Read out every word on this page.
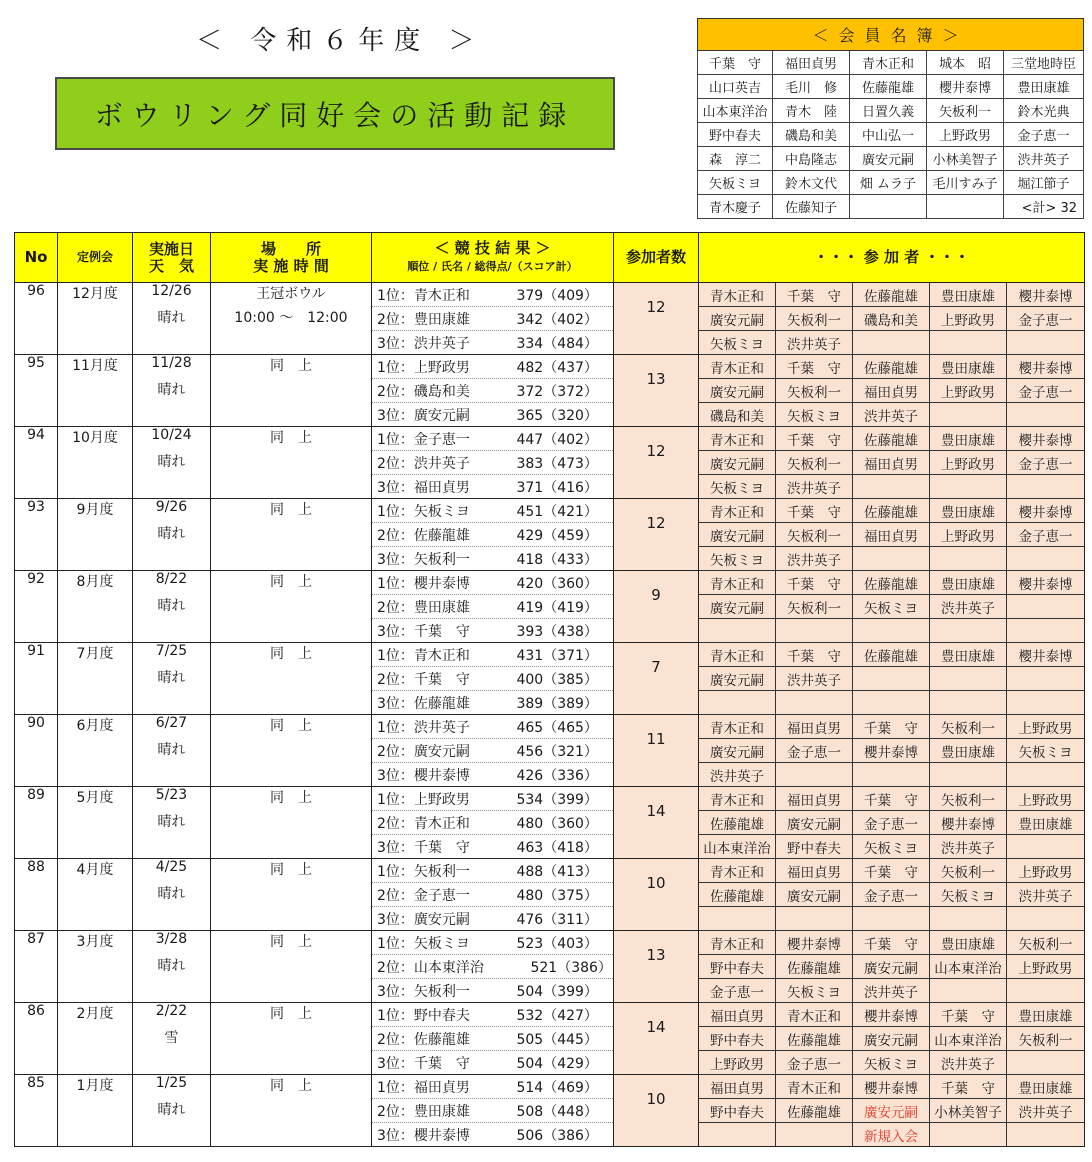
＜ 令和６年度 ＞
ボウリング同好会の活動記録
＜会員名簿＞				
千葉　守	福田貞男	青木正和	城本　昭	三堂地時臣
山口英吉	毛川　修	佐藤龍雄	櫻井泰博	豊田康雄
山本東洋治	青木　陸	日置久義	矢板利一	鈴木光典
野中春夫	磯島和美	中山弘一	上野政男	金子恵一
森　淳二	中島隆志	廣安元嗣	小林美智子	渋井英子
矢板ミヨ	鈴木文代	畑 ムラ子	毛川すみ子	堀江節子
青木慶子	佐藤知子			<計> 32
No	定例会	実施日
天　気	場　　所
実 施 時 間	＜ 競 技 結 果 ＞
順位 / 氏名 / 総得点/（スコア計）	参加者数	・・・ 参 加 者 ・・・				
96	12月度	12/26	王冠ボウル	1位：青木正和 379（409）	12	青木正和	千葉　守	佐藤龍雄	豊田康雄	櫻井泰博
		晴れ	10:00 ～　12:00	2位：豊田康雄 342（402）		廣安元嗣	矢板利一	磯島和美	上野政男	金子恵一
				3位：渋井英子 334（484）		矢板ミヨ	渋井英子			
95	11月度	11/28	同　上	1位：上野政男 482（437）	13	青木正和	千葉　守	佐藤龍雄	豊田康雄	櫻井泰博
		晴れ		2位：磯島和美 372（372）		廣安元嗣	矢板利一	福田貞男	上野政男	金子恵一
				3位：廣安元嗣 365（320）		磯島和美	矢板ミヨ	渋井英子		
94	10月度	10/24	同　上	1位：金子恵一 447（402）	12	青木正和	千葉　守	佐藤龍雄	豊田康雄	櫻井泰博
		晴れ		2位：渋井英子 383（473）		廣安元嗣	矢板利一	福田貞男	上野政男	金子恵一
				3位：福田貞男 371（416）		矢板ミヨ	渋井英子			
93	9月度	9/26	同　上	1位：矢板ミヨ 451（421）	12	青木正和	千葉　守	佐藤龍雄	豊田康雄	櫻井泰博
		晴れ		2位：佐藤龍雄 429（459）		廣安元嗣	矢板利一	福田貞男	上野政男	金子恵一
				3位：矢板利一 418（433）		矢板ミヨ	渋井英子			
92	8月度	8/22	同　上	1位：櫻井泰博 420（360）	9	青木正和	千葉　守	佐藤龍雄	豊田康雄	櫻井泰博
		晴れ		2位：豊田康雄 419（419）		廣安元嗣	矢板利一	矢板ミヨ	渋井英子	
				3位：千葉　守 393（438）						
91	7月度	7/25	同　上	1位：青木正和 431（371）	7	青木正和	千葉　守	佐藤龍雄	豊田康雄	櫻井泰博
		晴れ		2位：千葉　守 400（385）		廣安元嗣	渋井英子			
				3位：佐藤龍雄 389（389）						
90	6月度	6/27	同　上	1位：渋井英子 465（465）	11	青木正和	福田貞男	千葉　守	矢板利一	上野政男
		晴れ		2位：廣安元嗣 456（321）		廣安元嗣	金子恵一	櫻井泰博	豊田康雄	矢板ミヨ
				3位：櫻井泰博 426（336）		渋井英子				
89	5月度	5/23	同　上	1位：上野政男 534（399）	14	青木正和	福田貞男	千葉　守	矢板利一	上野政男
		晴れ		2位：青木正和 480（360）		佐藤龍雄	廣安元嗣	金子恵一	櫻井泰博	豊田康雄
				3位：千葉　守 463（418）		山本東洋治	野中春夫	矢板ミヨ	渋井英子	
88	4月度	4/25	同　上	1位：矢板利一 488（413）	10	青木正和	福田貞男	千葉　守	矢板利一	上野政男
		晴れ		2位：金子恵一 480（375）		佐藤龍雄	廣安元嗣	金子恵一	矢板ミヨ	渋井英子
				3位：廣安元嗣 476（311）						
87	3月度	3/28	同　上	1位：矢板ミヨ 523（403）	13	青木正和	櫻井泰博	千葉　守	豊田康雄	矢板利一
		晴れ		2位：山本東洋治 521（386）		野中春夫	佐藤龍雄	廣安元嗣	山本東洋治	上野政男
				3位：矢板利一 504（399）		金子恵一	矢板ミヨ	渋井英子		
86	2月度	2/22	同　上	1位：野中春夫 532（427）	14	福田貞男	青木正和	櫻井泰博	千葉　守	豊田康雄
		雪		2位：佐藤龍雄 505（445）		野中春夫	佐藤龍雄	廣安元嗣	山本東洋治	矢板利一
				3位：千葉　守 504（429）		上野政男	金子恵一	矢板ミヨ	渋井英子	
85	1月度	1/25	同　上	1位：福田貞男 514（469）	10	福田貞男	青木正和	櫻井泰博	千葉　守	豊田康雄
		晴れ		2位：豊田康雄 508（448）		野中春夫	佐藤龍雄	廣安元嗣	小林美智子	渋井英子
				3位：櫻井泰博 506（386）				新規入会		
